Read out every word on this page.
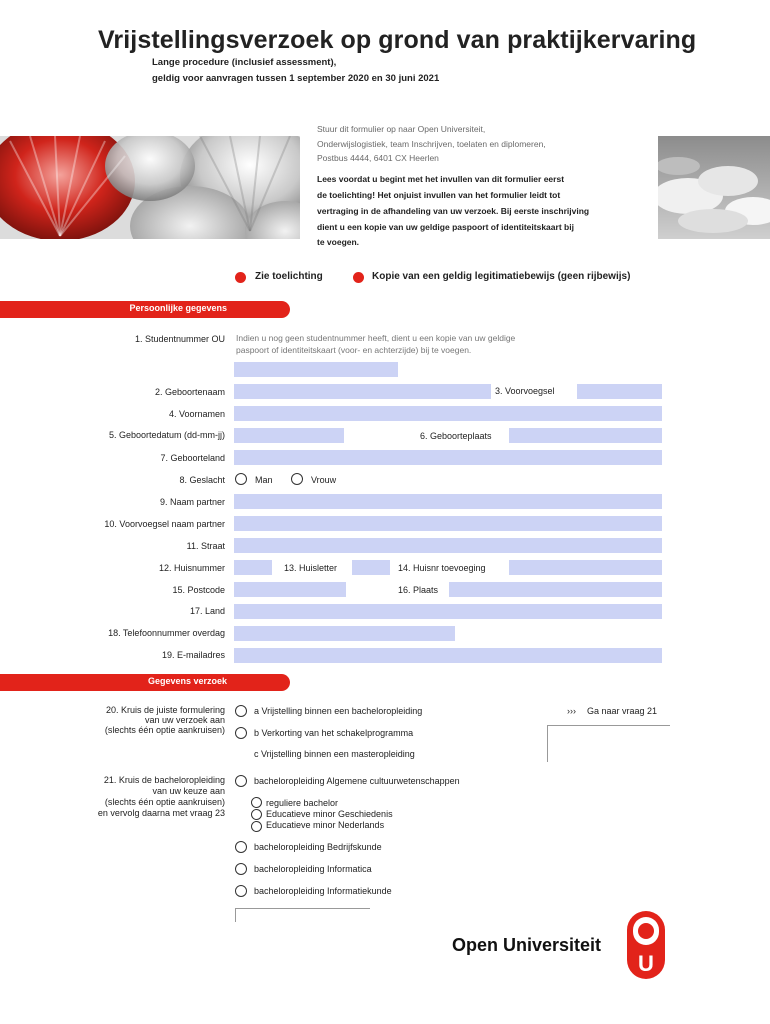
Vrijstellingsverzoek op grond van praktijkervaring
Lange procedure (inclusief assessment),
geldig voor aanvragen tussen 1 september 2020 en 30 juni 2021
Stuur dit formulier op naar Open Universiteit,
Onderwijslogistiek, team Inschrijven, toelaten en diplomeren,
Postbus 4444, 6401 CX Heerlen
Lees voordat u begint met het invullen van dit formulier eerst
de toelichting! Het onjuist invullen van het formulier leidt tot
vertraging in de afhandeling van uw verzoek. Bij eerste inschrijving
dient u een kopie van uw geldige paspoort of identiteitskaart bij
te voegen.
Zie toelichting	Kopie van een geldig legitimatiebewijs (geen rijbewijs)
Persoonlijke gegevens
1. Studentnummer OU Indien u nog geen studentnummer heeft, dient u een kopie van uw geldige
paspoort of identiteitskaart (voor- en achterzijde) bij te voegen.
2. Geboortenaam	3. Voorvoegsel
4. Voornamen
5. Geboortedatum (dd-mm-jj)	6. Geboorteplaats
7. Geboorteland
8. Geslacht	Man	Vrouw
9. Naam partner
10. Voorvoegsel naam partner
11. Straat
12. Huisnummer	13. Huisletter	14. Huisnr toevoeging
15. Postcode	16. Plaats
17. Land
18. Telefoonnummer overdag
19. E-mailadres
Gegevens verzoek
20. Kruis de juiste formulering
van uw verzoek aan
(slechts één optie aankruisen)
a Vrijstelling binnen een bacheloropleiding
b Verkorting van het schakelprogramma
c Vrijstelling binnen een masteropleiding
››› Ga naar vraag 21
21. Kruis de bacheloropleiding
van uw keuze aan
(slechts één optie aankruisen)
en vervolg daarna met vraag 23
bacheloropleiding Algemene cultuurwetenschappen
reguliere bachelor
Educatieve minor Geschiedenis
Educatieve minor Nederlands
bacheloropleiding Bedrijfskunde
bacheloropleiding Informatica
bacheloropleiding Informatiekunde
Open Universiteit
U
